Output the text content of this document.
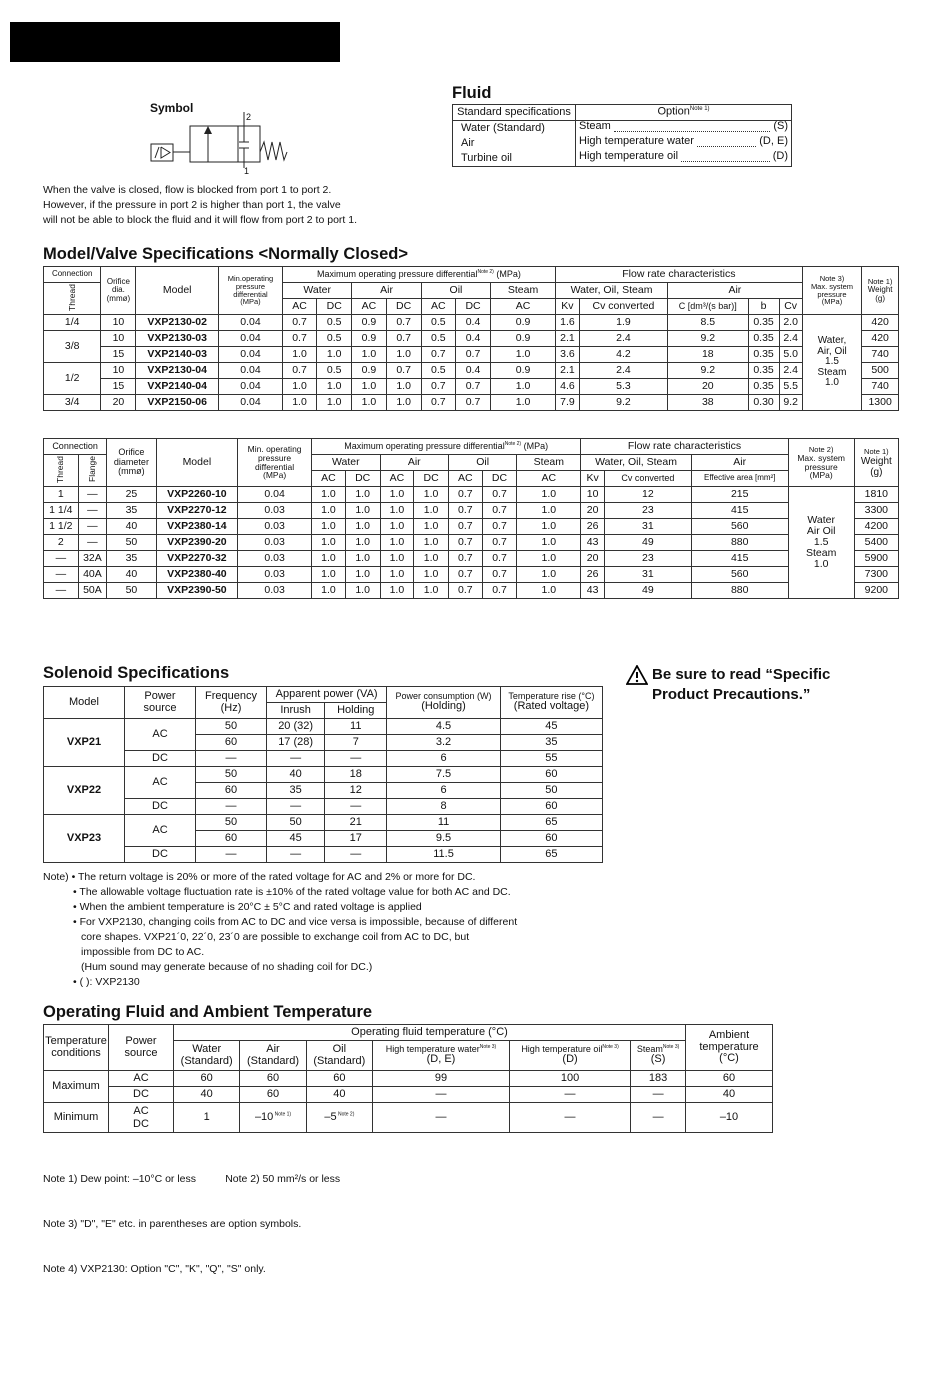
Symbol
2
1
When the valve is closed, flow is blocked from port 1 to port 2.
However, if the pressure in port 2 is higher than port 1, the valve
will not be able to block the fluid and it will flow from port 2 to port 1.
Fluid
Standard specifications	Option$^{Note 1)}$
Water (Standard)		Steam	(S)

Air		High temperature water	(D, E)

Turbine oil		High temperature oil	(D)
Model/Valve Specifications <Normally Closed>
Connection	Orifice
dia.
(mmø)	Model	Min.operating
pressure
differential
(MPa)	Maximum operating pressure differential$^{Note 2)}$ (MPa)							Flow rate characteristics					Note 3)
Max. system
pressure
(MPa)	Note 1)
Weight
(g)
Thread				Water		Air		Oil		Steam	Water, Oil, Steam		Air				
				AC	DC	AC	DC	AC	DC	AC	Kv	Cv converted	C [dm³/(s bar)]	b	Cv		
1/4	10	VXP2130-02	0.04	0.7	0.5	0.9	0.7	0.5	0.4	0.9	1.6	1.9	8.5	0.35	2.0	Water,
Air, Oil
1.5
Steam
1.0	420
3/8	10	VXP2130-03	0.04	0.7	0.5	0.9	0.7	0.5	0.4	0.9	2.1	2.4	9.2	0.35	2.4		420
	15	VXP2140-03	0.04	1.0	1.0	1.0	1.0	0.7	0.7	1.0	3.6	4.2	18	0.35	5.0		740
1/2	10	VXP2130-04	0.04	0.7	0.5	0.9	0.7	0.5	0.4	0.9	2.1	2.4	9.2	0.35	2.4		500
	15	VXP2140-04	0.04	1.0	1.0	1.0	1.0	0.7	0.7	1.0	4.6	5.3	20	0.35	5.5		740
3/4	20	VXP2150-06	0.04	1.0	1.0	1.0	1.0	0.7	0.7	1.0	7.9	9.2	38	0.30	9.2		1300
Connection		Orifice
diameter
(mmø)	Model	Min. operating
pressure
differential
(MPa)	Maximum operating pressure differential$^{Note 2)}$ (MPa)							Flow rate characteristics			Note 2)
Max. system
pressure
(MPa)	Note 1)
Weight
(g)
Thread	Flange				Water		Air		Oil		Steam	Water, Oil, Steam		Air		
					AC	DC	AC	DC	AC	DC	AC	Kv	Cv converted	Effective area [mm²]		
1	—	25	VXP2260-10	0.04	1.0	1.0	1.0	1.0	0.7	0.7	1.0	10	12	215	Water
Air Oil
1.5
Steam
1.0	1810
1 1/4	—	35	VXP2270-12	0.03	1.0	1.0	1.0	1.0	0.7	0.7	1.0	20	23	415		3300
1 1/2	—	40	VXP2380-14	0.03	1.0	1.0	1.0	1.0	0.7	0.7	1.0	26	31	560		4200
2	—	50	VXP2390-20	0.03	1.0	1.0	1.0	1.0	0.7	0.7	1.0	43	49	880		5400
—	32A	35	VXP2270-32	0.03	1.0	1.0	1.0	1.0	0.7	0.7	1.0	20	23	415		5900
—	40A	40	VXP2380-40	0.03	1.0	1.0	1.0	1.0	0.7	0.7	1.0	26	31	560		7300
—	50A	50	VXP2390-50	0.03	1.0	1.0	1.0	1.0	0.7	0.7	1.0	43	49	880		9200
Be sure to read “Specific
Product Precautions.”
Solenoid Specifications
Model	Power
source	Frequency
(Hz)	Apparent power (VA)		Power consumption (W)
(Holding)	Temperature rise (°C)
(Rated voltage)
			Inrush	Holding		
VXP21	AC	50	20 (32)	11	4.5	45
		60	17 (28)	7	3.2	35
	DC	—	—	—	6	55
VXP22	AC	50	40	18	7.5	60
		60	35	12	6	50
	DC	—	—	—	8	60
VXP23	AC	50	50	21	11	65
		60	45	17	9.5	60
	DC	—	—	—	11.5	65
Note) • The return voltage is 20% or more of the rated voltage for AC and 2% or more for DC.
• The allowable voltage fluctuation rate is ±10% of the rated voltage value for both AC and DC.
• When the ambient temperature is 20°C ± 5°C and rated voltage is applied
• For VXP2130, changing coils from AC to DC and vice versa is impossible, because of different
core shapes. VXP21´0, 22´0, 23´0 are possible to exchange coil from AC to DC, but
impossible from DC to AC.
(Hum sound may generate because of no shading coil for DC.)
• ( ): VXP2130
Operating Fluid and Ambient Temperature
Temperature
conditions	Power
source	Operating fluid temperature (°C)						Ambient
temperature
(°C)
		Water
(Standard)	Air
(Standard)	Oil
(Standard)	High temperature water$^{Note 3)}$
(D, E)	High temperature oil$^{Note 3)}$
(D)	Steam$^{Note 3)}$
(S)	
Maximum	AC	60	60	60	99	100	183	60
	DC	40	60	40	—	—	—	40
Minimum	AC
DC	1	–10 $^{Note 1)}$	–5 $^{Note 2)}$	—	—	—	–10

Note 1) Dew point: –10°C or less          Note 2) 50 mm²/s or less

Note 3) "D", "E" etc. in parentheses are option symbols.

Note 4) VXP2130: Option "C", "K", "Q", "S" only.
